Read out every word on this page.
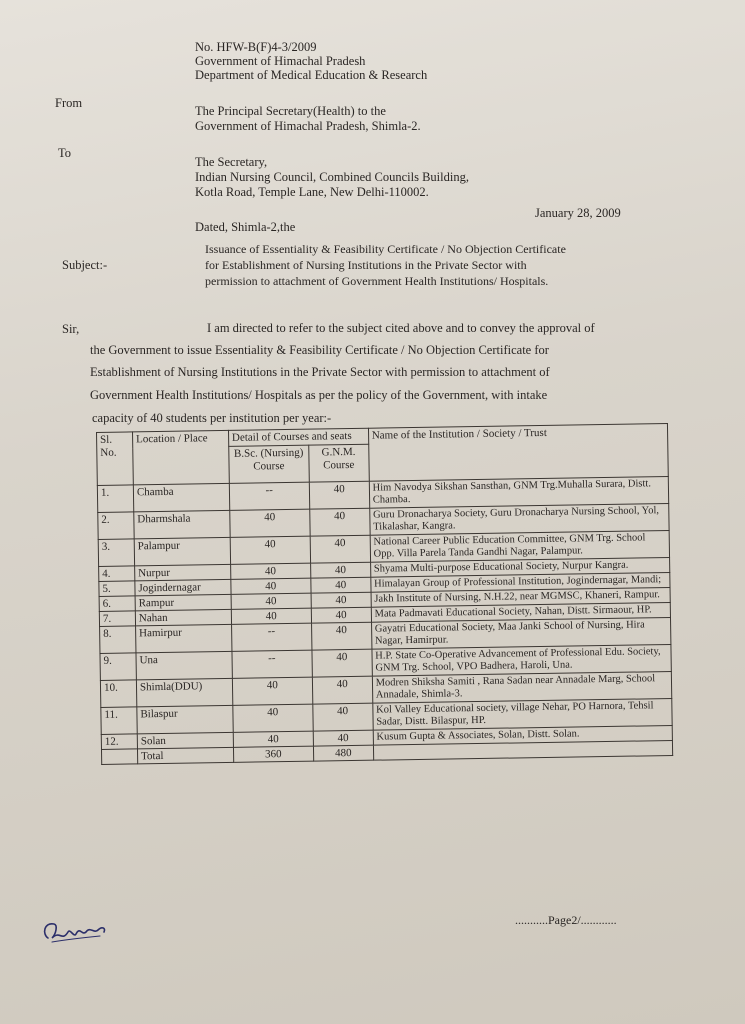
No. HFW-B(F)4-3/2009
Government of Himachal Pradesh
Department of Medical Education & Research
From
The Principal Secretary(Health) to the
Government of Himachal Pradesh, Shimla-2.
To
The Secretary,
Indian Nursing Council, Combined Councils Building,
Kotla Road, Temple Lane, New Delhi-110002.
Dated, Shimla-2,the
January 28, 2009
Subject:-
Issuance of Essentiality & Feasibility Certificate / No Objection Certificate
for Establishment of Nursing Institutions in the Private Sector with
permission to attachment of Government Health Institutions/ Hospitals.
Sir,	I am directed to refer to the subject cited above and to convey the approval of
the Government to issue Essentiality & Feasibility Certificate / No Objection Certificate for
Establishment of Nursing Institutions in the Private Sector with permission to attachment of
Government Health Institutions/ Hospitals as per the policy of the Government, with intake
capacity of 40 students per institution per year:-
Sl. No.	Location / Place	Detail of Courses and seats		Name of the Institution / Society / Trust
		B.Sc. (Nursing) Course	G.N.M. Course	
1.	Chamba	--	40	Him Navodya Sikshan Sansthan, GNM Trg.Muhalla Surara, Distt. Chamba.
2.	Dharmshala	40	40	Guru Dronacharya Society, Guru Dronacharya Nursing School, Yol, Tikalashar, Kangra.
3.	Palampur	40	40	National Career Public Education Committee, GNM Trg. School Opp. Villa Parela Tanda Gandhi Nagar, Palampur.
4.	Nurpur	40	40	Shyama Multi-purpose Educational Society, Nurpur Kangra.
5.	Jogindernagar	40	40	Himalayan Group of Professional Institution, Jogindernagar, Mandi;
6.	Rampur	40	40	Jakh Institute of Nursing, N.H.22, near MGMSC, Khaneri, Rampur.
7.	Nahan	40	40	Mata Padmavati Educational Society, Nahan, Distt. Sirmaour, HP.
8.	Hamirpur	--	40	Gayatri Educational Society, Maa Janki School of Nursing, Hira Nagar, Hamirpur.
9.	Una	--	40	H.P. State Co-Operative Advancement of Professional Edu. Society, GNM Trg. School, VPO Badhera, Haroli, Una.
10.	Shimla(DDU)	40	40	Modren Shiksha Samiti , Rana Sadan near Annadale Marg, School Annadale, Shimla-3.
11.	Bilaspur	40	40	Kol Valley Educational society, village Nehar, PO Harnora, Tehsil Sadar, Distt. Bilaspur, HP.
12.	Solan	40	40	Kusum Gupta & Associates, Solan, Distt. Solan.
	Total	360	480	
...........Page2/............
